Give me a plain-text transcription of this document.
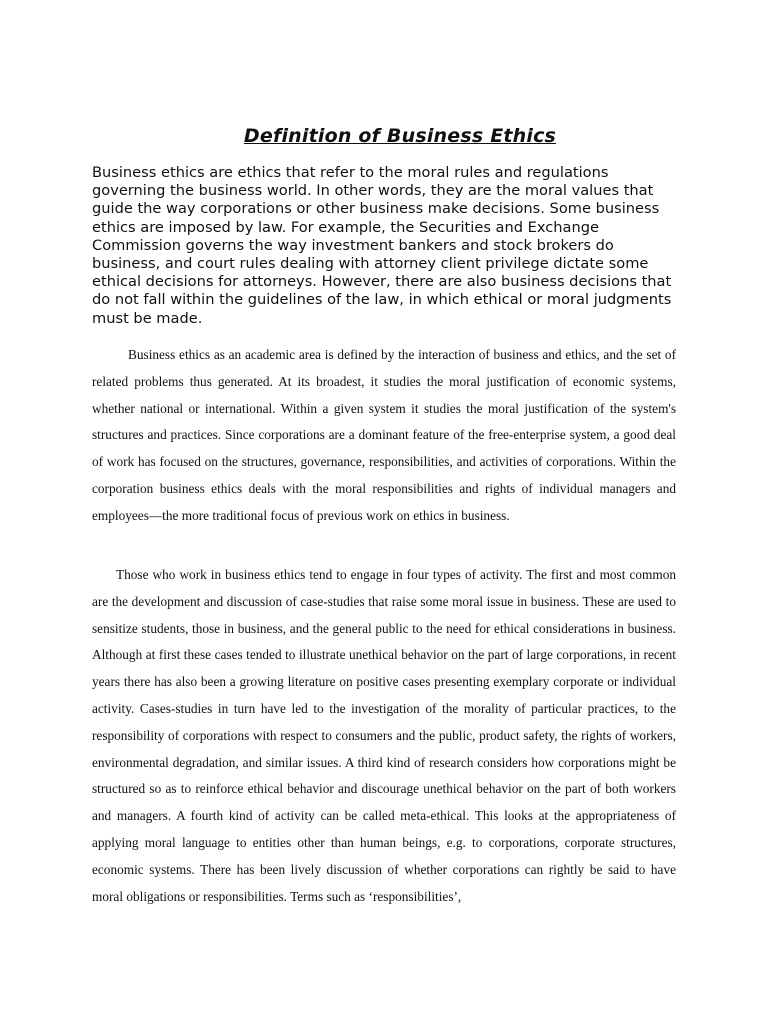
Definition of Business Ethics

Business ethics are ethics that refer to the moral rules and regulations governing the business world. In other words, they are the moral values that guide the way corporations or other business make decisions. Some business ethics are imposed by law. For example, the Securities and Exchange Commission governs the way investment bankers and stock brokers do business, and court rules dealing with attorney client privilege dictate some ethical decisions for attorneys. However, there are also business decisions that do not fall within the guidelines of the law, in which ethical or moral judgments must be made.

Business ethics as an academic area is defined by the interaction of business and ethics, and the set of related problems thus generated. At its broadest, it studies the moral justification of economic systems, whether national or international. Within a given system it studies the moral justification of the system's structures and practices. Since corporations are a dominant feature of the free-enterprise system, a good deal of work has focused on the structures, governance, responsibilities, and activities of corporations. Within the corporation business ethics deals with the moral responsibilities and rights of individual managers and employees—the more traditional focus of previous work on ethics in business.

Those who work in business ethics tend to engage in four types of activity. The first and most common are the development and discussion of case-studies that raise some moral issue in business. These are used to sensitize students, those in business, and the general public to the need for ethical considerations in business. Although at first these cases tended to illustrate unethical behavior on the part of large corporations, in recent years there has also been a growing literature on positive cases presenting exemplary corporate or individual activity. Cases-studies in turn have led to the investigation of the morality of particular practices, to the responsibility of corporations with respect to consumers and the public, product safety, the rights of workers, environmental degradation, and similar issues. A third kind of research considers how corporations might be structured so as to reinforce ethical behavior and discourage unethical behavior on the part of both workers and managers. A fourth kind of activity can be called meta-ethical. This looks at the appropriateness of applying moral language to entities other than human beings, e.g. to corporations, corporate structures, economic systems. There has been lively discussion of whether corporations can rightly be said to have moral obligations or responsibilities. Terms such as ‘responsibilities’,
